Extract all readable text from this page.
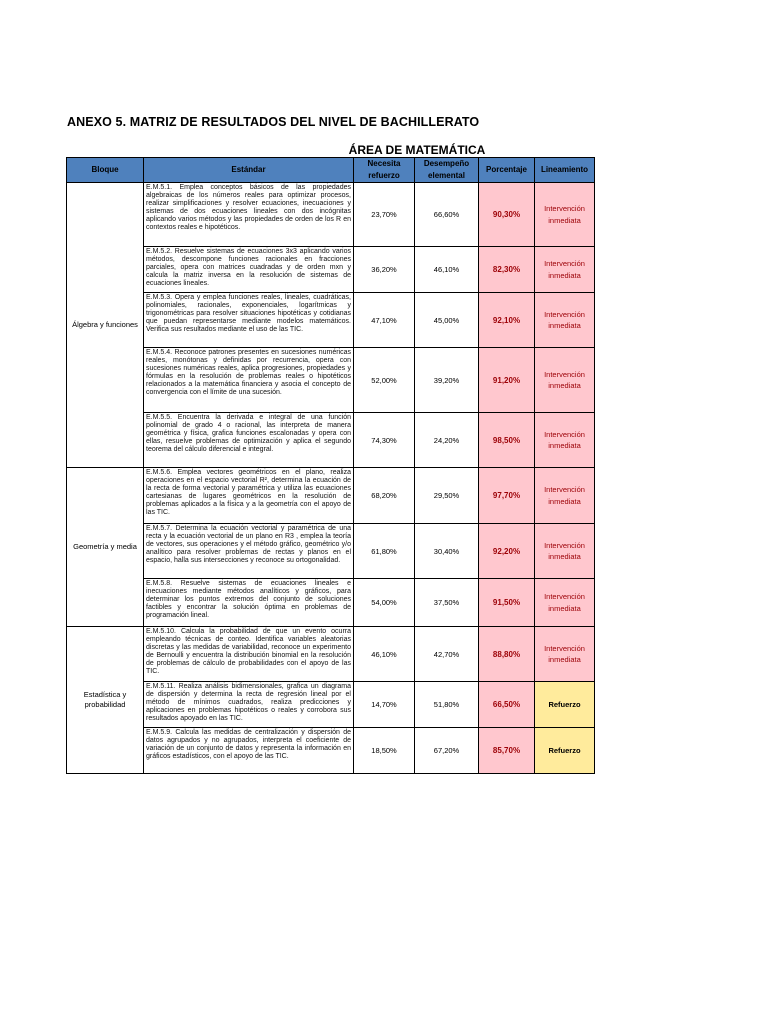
ANEXO 5. MATRIZ DE RESULTADOS DEL NIVEL DE BACHILLERATO
ÁREA DE MATEMÁTICA
Bloque	Estándar	Necesita refuerzo	Desempeño elemental	Porcentaje	Lineamiento
Álgebra y funciones	E.M.5.1. Emplea conceptos básicos de las propiedades algebraicas de los números reales para optimizar procesos, realizar simplificaciones y resolver ecuaciones, inecuaciones y sistemas de dos ecuaciones lineales con dos incógnitas aplicando varios métodos y las propiedades de orden de los R en contextos reales e hipotéticos.	23,70%	66,60%	90,30%	Intervención inmediata
	E.M.5.2. Resuelve sistemas de ecuaciones 3x3 aplicando varios métodos, descompone funciones racionales en fracciones parciales, opera con matrices cuadradas y de orden mxn y calcula la matriz inversa en la resolución de sistemas de ecuaciones lineales.	36,20%	46,10%	82,30%	Intervención inmediata
	E.M.5.3. Opera y emplea funciones reales, lineales, cuadráticas, polinomiales, racionales, exponenciales, logarítmicas y trigonométricas para resolver situaciones hipotéticas y cotidianas que puedan representarse mediante modelos matemáticos. Verifica sus resultados mediante el uso de las TIC.	47,10%	45,00%	92,10%	Intervención inmediata
	E.M.5.4. Reconoce patrones presentes en sucesiones numéricas reales, monótonas y definidas por recurrencia, opera con sucesiones numéricas reales, aplica progresiones, propiedades y fórmulas en la resolución de problemas reales o hipotéticos relacionados a la matemática financiera y asocia el concepto de convergencia con el límite de una sucesión.	52,00%	39,20%	91,20%	Intervención inmediata
	E.M.5.5. Encuentra la derivada e integral de una función polinomial de grado 4 o racional, las interpreta de manera geométrica y física, grafica funciones escalonadas y opera con ellas, resuelve problemas de optimización y aplica el segundo teorema del cálculo diferencial e integral.	74,30%	24,20%	98,50%	Intervención inmediata
Geometría y media	E.M.5.6. Emplea vectores geométricos en el plano, realiza operaciones en el espacio vectorial R², determina la ecuación de la recta de forma vectorial y paramétrica y utiliza las ecuaciones cartesianas de lugares geométricos en la resolución de problemas aplicados a la física y a la geometría con el apoyo de las TIC.	68,20%	29,50%	97,70%	Intervención inmediata
	E.M.5.7. Determina la ecuación vectorial y paramétrica de una recta y la ecuación vectorial de un plano en R3 , emplea la teoría de vectores, sus operaciones y el método gráfico, geométrico y/o analítico para resolver problemas de rectas y planos en el espacio, halla sus intersecciones y reconoce su ortogonalidad.	61,80%	30,40%	92,20%	Intervención inmediata
	E.M.5.8. Resuelve sistemas de ecuaciones lineales e inecuaciones mediante métodos analíticos y gráficos, para determinar los puntos extremos del conjunto de soluciones factibles y encontrar la solución óptima en problemas de programación lineal.	54,00%	37,50%	91,50%	Intervención inmediata
Estadística y probabilidad	E.M.5.10. Calcula la probabilidad de que un evento ocurra empleando técnicas de conteo. Identifica variables aleatorias discretas y las medidas de variabilidad, reconoce un experimento de Bernoulli y encuentra la distribución binomial en la resolución de problemas de cálculo de probabilidades con el apoyo de las TIC.	46,10%	42,70%	88,80%	Intervención inmediata
	E.M.5.11. Realiza análisis bidimensionales, grafica un diagrama de dispersión y determina la recta de regresión lineal por el método de mínimos cuadrados, realiza predicciones y aplicaciones en problemas hipotéticos o reales y corrobora sus resultados apoyado en las TIC.	14,70%	51,80%	66,50%	Refuerzo
	E.M.5.9. Calcula las medidas de centralización y dispersión de datos agrupados y no agrupados, interpreta el coeficiente de variación de un conjunto de datos y representa la información en gráficos estadísticos, con el apoyo de las TIC.	18,50%	67,20%	85,70%	Refuerzo
